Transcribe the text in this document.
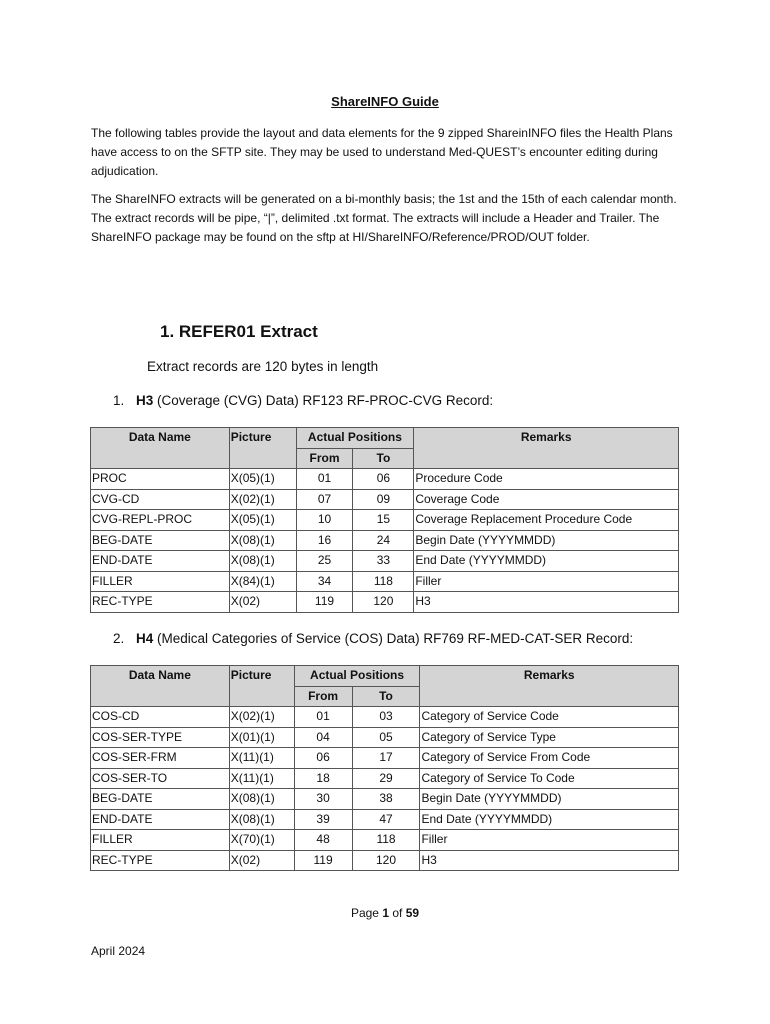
ShareINFO Guide

The following tables provide the layout and data elements for the 9 zipped ShareinINFO files the Health Plans have access to on the SFTP site. They may be used to understand Med-QUEST’s encounter editing during adjudication.

The ShareINFO extracts will be generated on a bi-monthly basis; the 1st and the 15th of each calendar month. The extract records will be pipe, “|”, delimited .txt format. The extracts will include a Header and Trailer. The ShareINFO package may be found on the sftp at HI/ShareINFO/Reference/PROD/OUT folder.

1. REFER01 Extract
Extract records are 120 bytes in length
1. H3 (Coverage (CVG) Data) RF123 RF-PROC-CVG Record:
Data Name	Picture	Actual Positions		Remarks
		From	To	
PROC	X(05)(1)	01	06	Procedure Code
CVG-CD	X(02)(1)	07	09	Coverage Code
CVG-REPL-PROC	X(05)(1)	10	15	Coverage Replacement Procedure Code
BEG-DATE	X(08)(1)	16	24	Begin Date (YYYYMMDD)
END-DATE	X(08)(1)	25	33	End Date (YYYYMMDD)
FILLER	X(84)(1)	34	118	Filler
REC-TYPE	X(02)	119	120	H3
2. H4 (Medical Categories of Service (COS) Data) RF769 RF-MED-CAT-SER Record:
Data Name	Picture	Actual Positions		Remarks
		From	To	
COS-CD	X(02)(1)	01	03	Category of Service Code
COS-SER-TYPE	X(01)(1)	04	05	Category of Service Type
COS-SER-FRM	X(11)(1)	06	17	Category of Service From Code
COS-SER-TO	X(11)(1)	18	29	Category of Service To Code
BEG-DATE	X(08)(1)	30	38	Begin Date (YYYYMMDD)
END-DATE	X(08)(1)	39	47	End Date (YYYYMMDD)
FILLER	X(70)(1)	48	118	Filler
REC-TYPE	X(02)	119	120	H3
Page 1 of 59
April 2024
